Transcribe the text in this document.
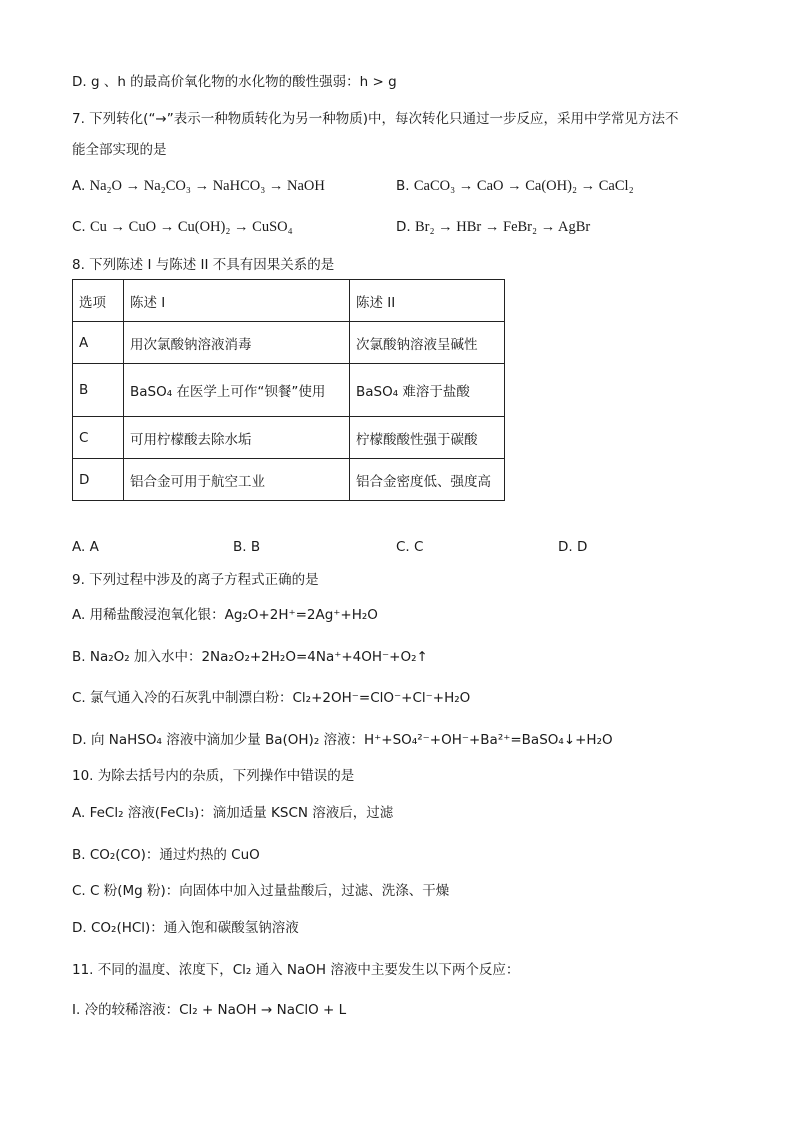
D. g 、h 的最高价氧化物的水化物的酸性强弱：h > g
7. 下列转化(“→”表示一种物质转化为另一种物质)中，每次转化只通过一步反应，采用中学常见方法不
能全部实现的是
A. Na₂O → Na₂CO₃ → NaHCO₃ → NaOH	B. CaCO₃ → CaO → Ca(OH)₂ → CaCl₂
C. Cu → CuO → Cu(OH)₂ → CuSO₄	D. Br₂ → HBr → FeBr₂ → AgBr
8. 下列陈述 I 与陈述 II 不具有因果关系的是
选项	陈述 I	陈述 II
A	用次氯酸钠溶液消毒	次氯酸钠溶液呈碱性
B	BaSO₄ 在医学上可作“钡餐”使用	BaSO₄ 难溶于盐酸
C	可用柠檬酸去除水垢	柠檬酸酸性强于碳酸
D	铝合金可用于航空工业	铝合金密度低、强度高
A. A	B. B	C. C	D. D
9. 下列过程中涉及的离子方程式正确的是
A. 用稀盐酸浸泡氧化银：Ag₂O+2H⁺=2Ag⁺+H₂O
B. Na₂O₂ 加入水中：2Na₂O₂+2H₂O=4Na⁺+4OH⁻+O₂↑
C. 氯气通入冷的石灰乳中制漂白粉：Cl₂+2OH⁻=ClO⁻+Cl⁻+H₂O
D. 向 NaHSO₄ 溶液中滴加少量 Ba(OH)₂ 溶液：H⁺+SO₄²⁻+OH⁻+Ba²⁺=BaSO₄↓+H₂O
10. 为除去括号内的杂质，下列操作中错误的是
A. FeCl₂ 溶液(FeCl₃)：滴加适量 KSCN 溶液后，过滤
B. CO₂(CO)：通过灼热的 CuO
C. C 粉(Mg 粉)：向固体中加入过量盐酸后，过滤、洗涤、干燥
D. CO₂(HCl)：通入饱和碳酸氢钠溶液
11. 不同的温度、浓度下，Cl₂ 通入 NaOH 溶液中主要发生以下两个反应：
I. 冷的较稀溶液：Cl₂ + NaOH → NaClO + L
